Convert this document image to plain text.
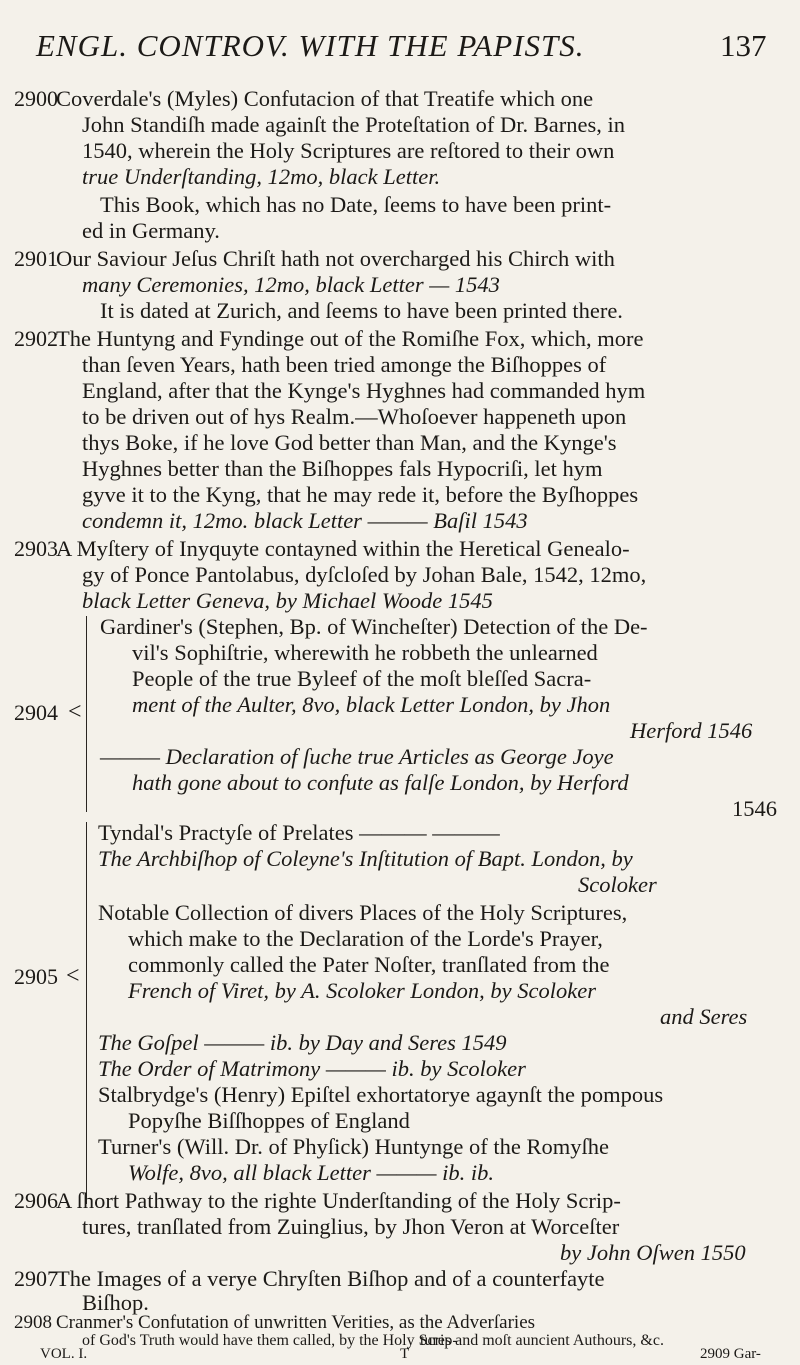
ENGL. CONTROV. WITH THE PAPISTS.	137
2900
Coverdale's (Myles) Confutacion of that Treatife which one
John Standiſh made againſt the Proteſtation of Dr. Barnes, in
1540, wherein the Holy Scriptures are reſtored to their own
true Underſtanding, 12mo, black Letter.
This Book, which has no Date, ſeems to have been print-
ed in Germany.
2901
Our Saviour Jeſus Chriſt hath not overcharged his Chirch with
many Ceremonies, 12mo, black Letter — 1543
It is dated at Zurich, and ſeems to have been printed there.
2902
The Huntyng and Fyndinge out of the Romiſhe Fox, which, more
than ſeven Years, hath been tried amonge the Biſhoppes of
England, after that the Kynge's Hyghnes had commanded hym
to be driven out of hys Realm.—Whoſoever happeneth upon
thys Boke, if he love God better than Man, and the Kynge's
Hyghnes better than the Biſhoppes fals Hypocriſi, let hym
gyve it to the Kyng, that he may rede it, before the Byſhoppes
condemn it, 12mo. black Letter ——— Baſil 1543
2903
A Myſtery of Inyquyte contayned within the Heretical Genealo-
gy of Ponce Pantolabus, dyſcloſed by Johan Bale, 1542, 12mo,
black Letter Geneva, by Michael Woode 1545
2904 <
Gardiner's (Stephen, Bp. of Wincheſter) Detection of the De-
vil's Sophiſtrie, wherewith he robbeth the unlearned
People of the true Byleef of the moſt bleſſed Sacra-
ment of the Aulter, 8vo, black Letter London, by Jhon
Herford 1546
——— Declaration of ſuche true Articles as George Joye
hath gone about to confute as falſe London, by Herford
1546
2905 <
Tyndal's Practyſe of Prelates ——— ———
The Archbiſhop of Coleyne's Inſtitution of Bapt. London, by
Scoloker
Notable Collection of divers Places of the Holy Scriptures,
which make to the Declaration of the Lorde's Prayer,
commonly called the Pater Noſter, tranſlated from the
French of Viret, by A. Scoloker London, by Scoloker
and Seres
The Goſpel ——— ib. by Day and Seres 1549
The Order of Matrimony ——— ib. by Scoloker
Stalbrydge's (Henry) Epiſtel exhortatorye agaynſt the pompous
Popyſhe Biſſhoppes of England
Turner's (Will. Dr. of Phyſick) Huntynge of the Romyſhe
Wolfe, 8vo, all black Letter ——— ib. ib.
2906
A ſhort Pathway to the righte Underſtanding of the Holy Scrip-
tures, tranſlated from Zuinglius, by Jhon Veron at Worceſter
by John Oſwen 1550
2907
The Images of a verye Chryſten Biſhop and of a counterfayte
Biſhop.
2908 Cranmer's Confutation of unwritten Verities, as the Adverſaries
of God's Truth would have them called, by the Holy Scrip-
tures and moſt auncient Authours, &c.
VOL. I.	T	2909 Gar-
